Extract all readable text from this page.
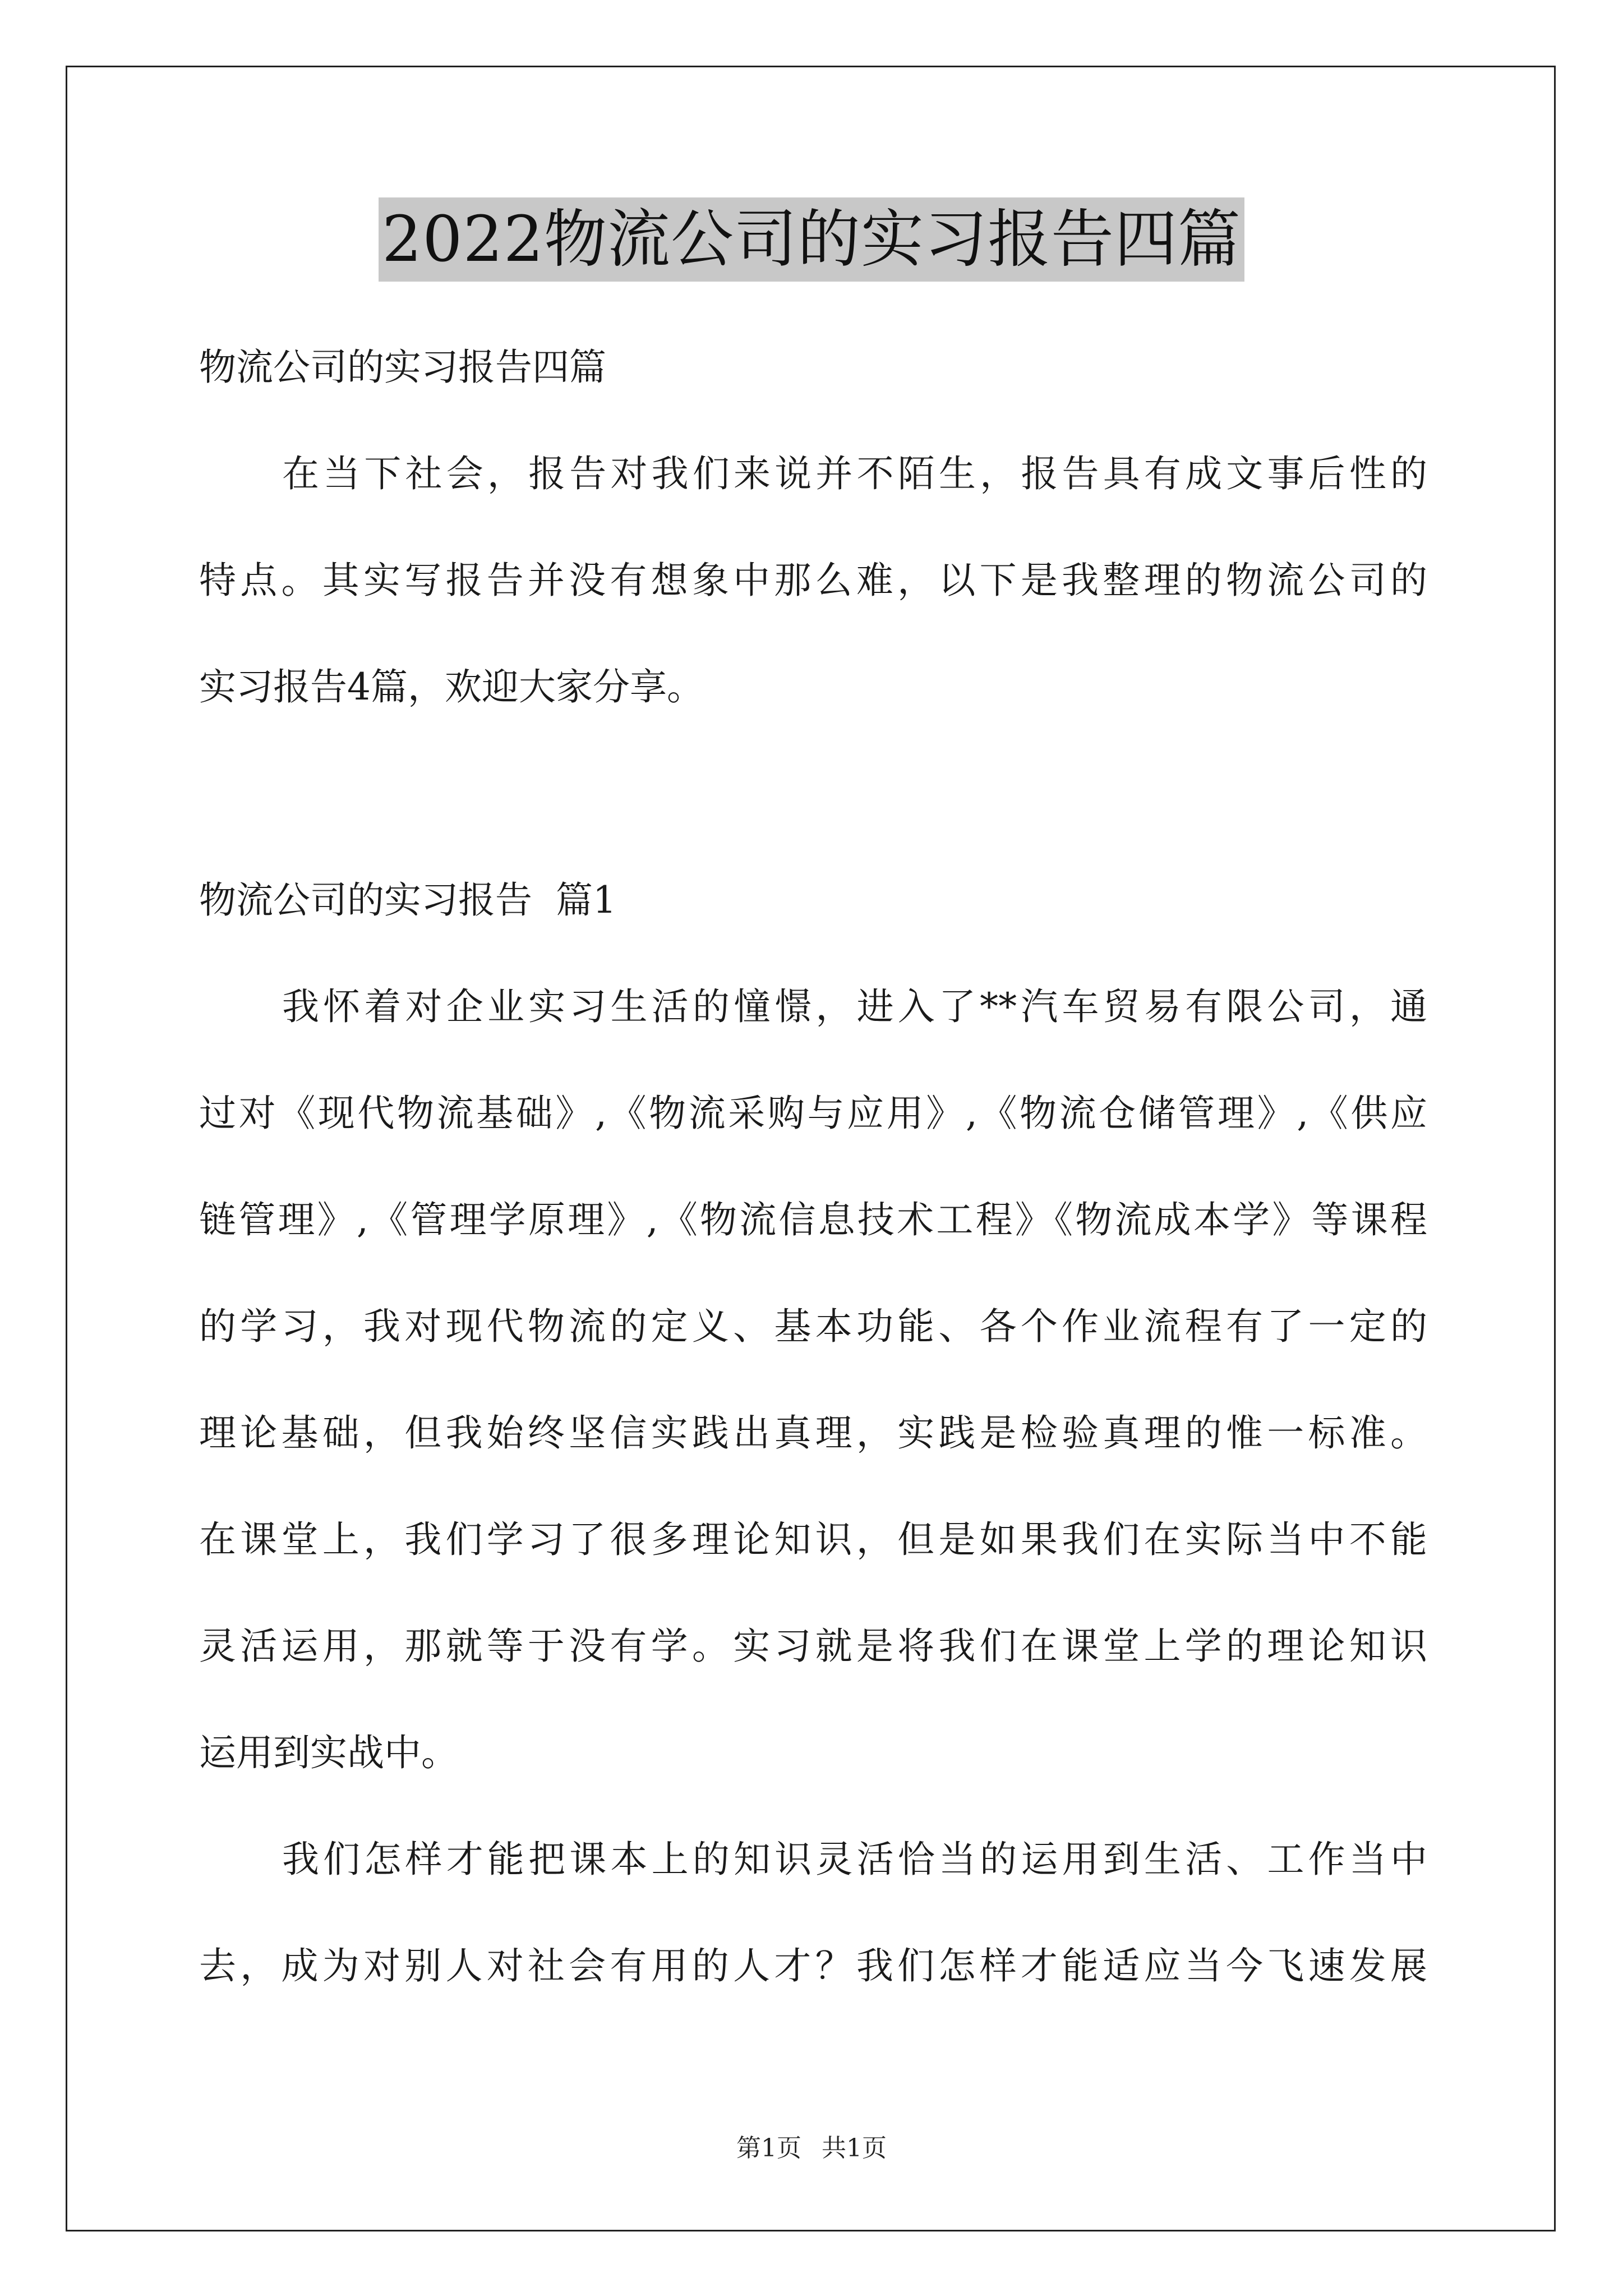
2022物流公司的实习报告四篇
物流公司的实习报告四篇
在当下社会，报告对我们来说并不陌生，报告具有成文事后性的
特点。其实写报告并没有想象中那么难，以下是我整理的物流公司的
实习报告4篇，欢迎大家分享。
物流公司的实习报告  篇1
我怀着对企业实习生活的憧憬，进入了**汽车贸易有限公司，通
过对《现代物流基础》,《物流采购与应用》,《物流仓储管理》,《供应
链管理》,《管理学原理》,《物流信息技术工程》《物流成本学》等课程
的学习，我对现代物流的定义、基本功能、各个作业流程有了一定的
理论基础，但我始终坚信实践出真理，实践是检验真理的惟一标准。
在课堂上，我们学习了很多理论知识，但是如果我们在实际当中不能
灵活运用，那就等于没有学。实习就是将我们在课堂上学的理论知识
运用到实战中。
我们怎样才能把课本上的知识灵活恰当的运用到生活、工作当中
去，成为对别人对社会有用的人才？我们怎样才能适应当今飞速发展
第1页 共1页
